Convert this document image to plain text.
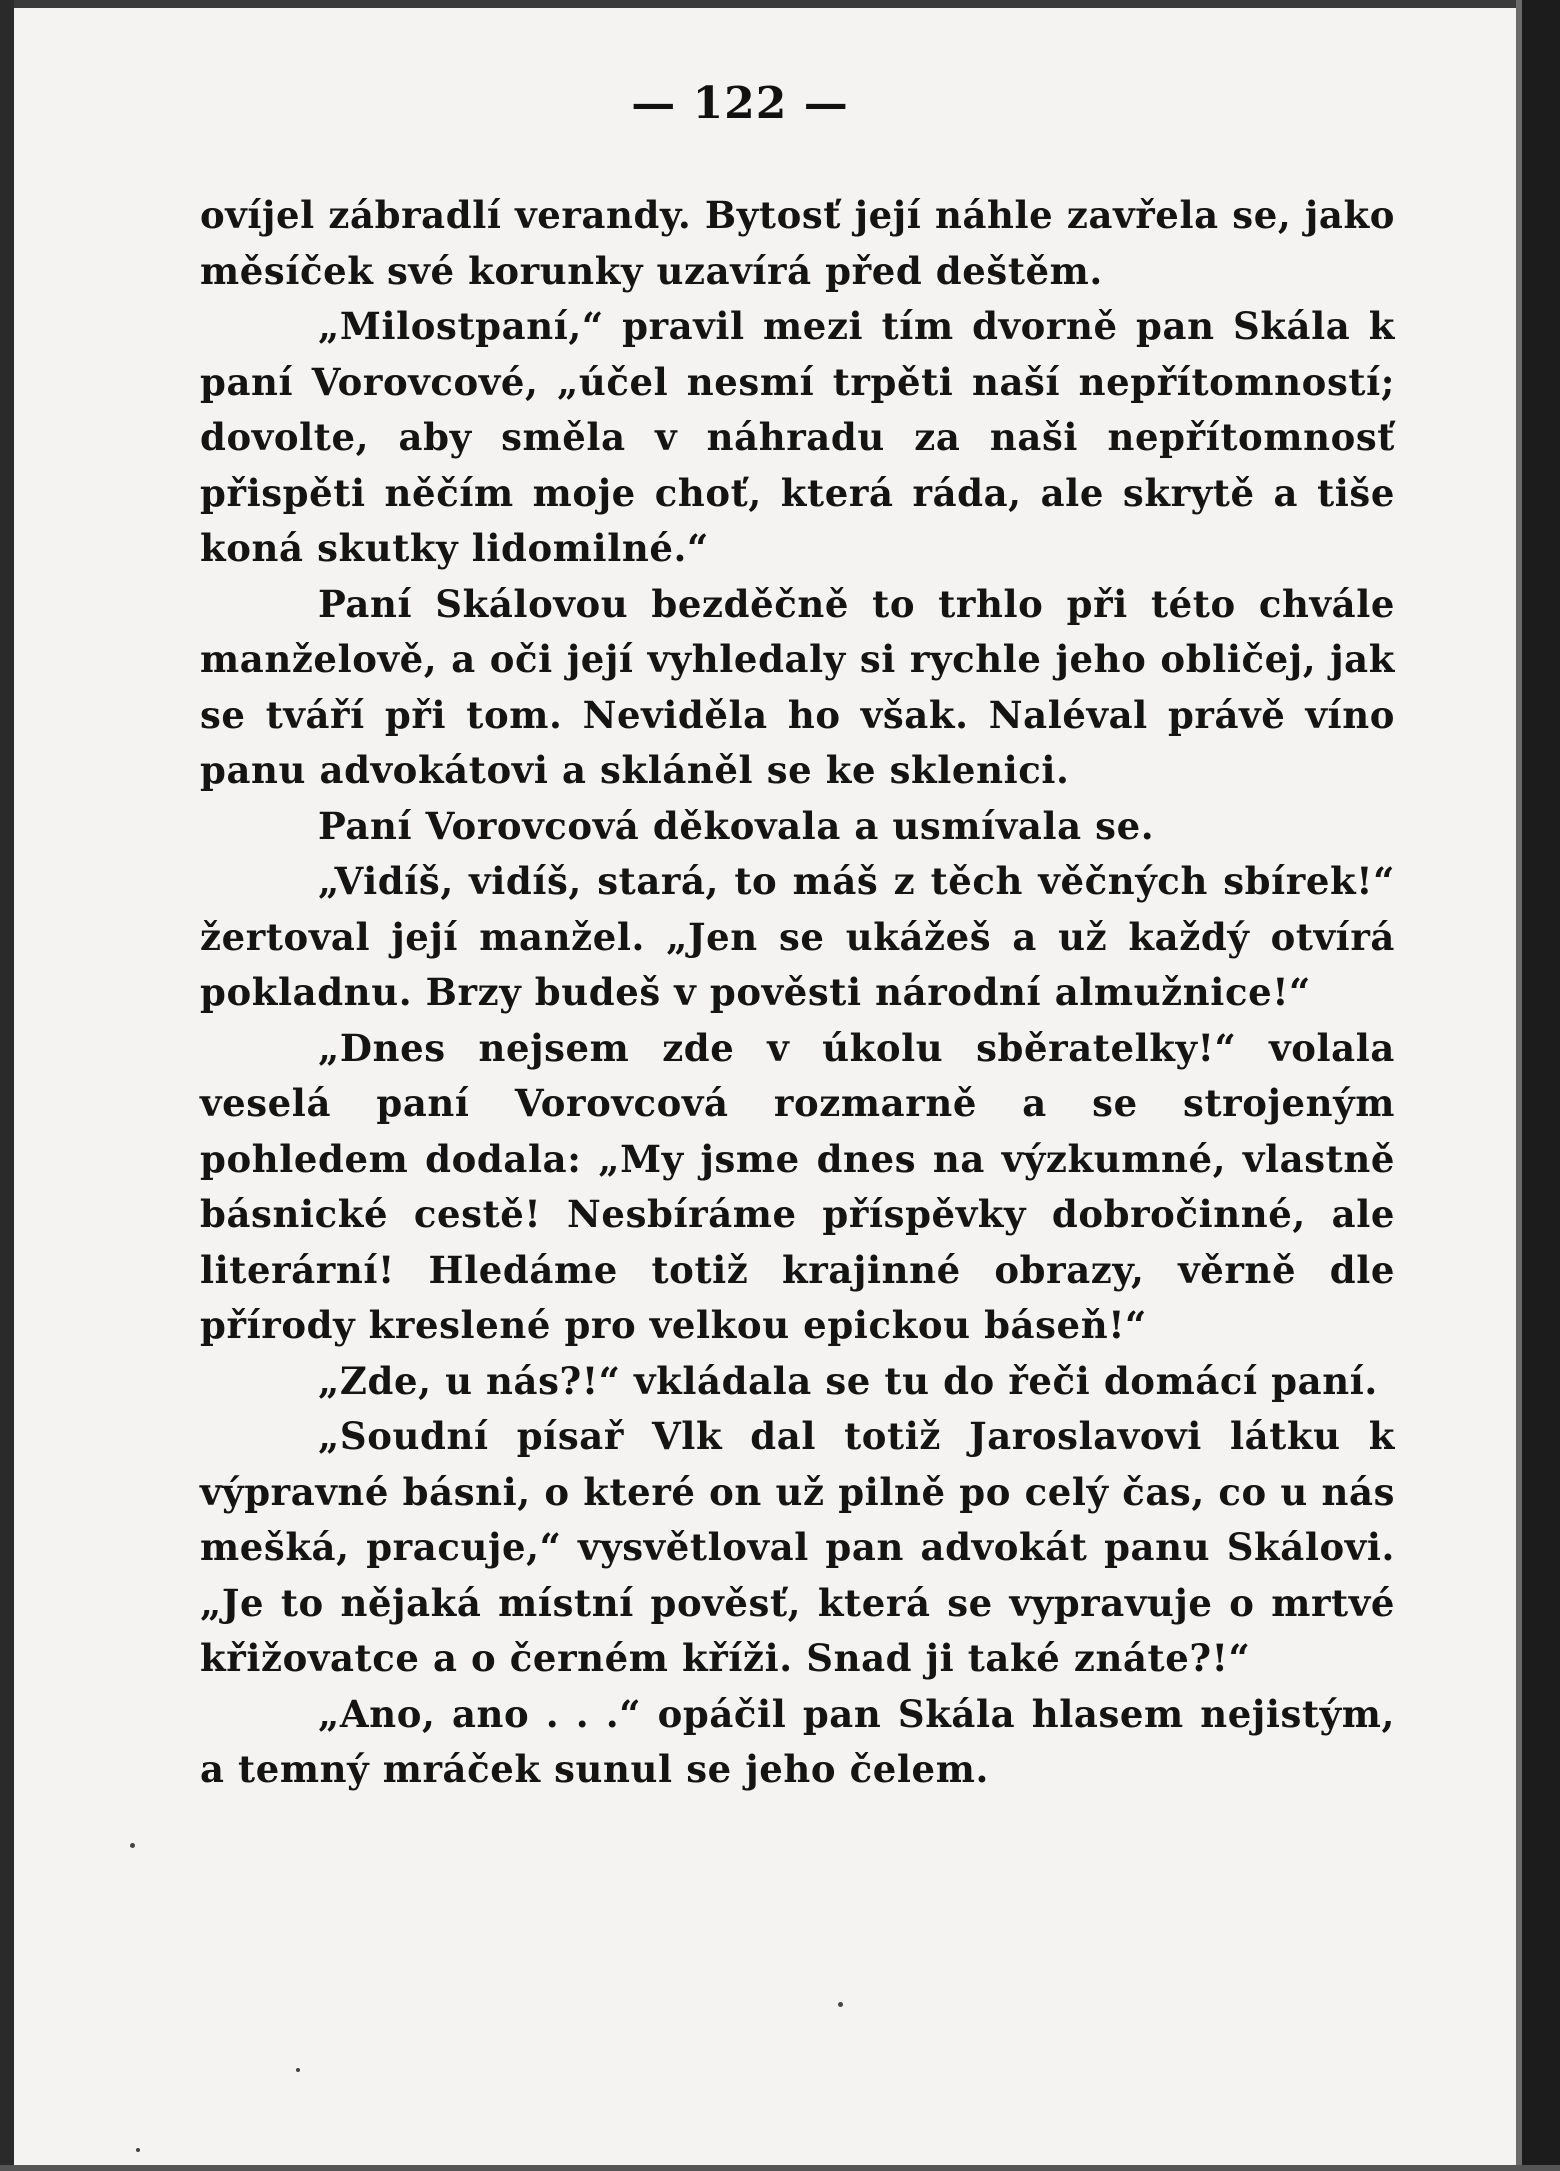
— 122 —

ovíjel zábradlí verandy. Bytosť její náhle zavřela se, jako měsíček své korunky uzavírá před deštěm.

„Milostpaní,“ pravil mezi tím dvorně pan Skála k paní Vorovcové, „účel nesmí trpěti naší nepřítomností; dovolte, aby směla v náhradu za naši nepřítomnosť přispěti něčím moje choť, která ráda, ale skrytě a tiše koná skutky lidomilné.“

Paní Skálovou bezděčně to trhlo při této chvále manželově, a oči její vyhledaly si rychle jeho obličej, jak se tváří při tom. Neviděla ho však. Naléval právě víno panu advokátovi a skláněl se ke sklenici.

Paní Vorovcová děkovala a usmívala se.

„Vidíš, vidíš, stará, to máš z těch věčných sbírek!“ žertoval její manžel. „Jen se ukážeš a už každý otvírá pokladnu. Brzy budeš v pověsti národní almužnice!“

„Dnes nejsem zde v úkolu sběratelky!“ volala veselá paní Vorovcová rozmarně a se strojeným pohledem dodala: „My jsme dnes na výzkumné, vlastně básnické cestě! Nesbíráme příspěvky dobročinné, ale literární! Hledáme totiž krajinné obrazy, věrně dle přírody kreslené pro velkou epickou báseň!“

„Zde, u nás?!“ vkládala se tu do řeči domácí paní.

„Soudní písař Vlk dal totiž Jaroslavovi látku k výpravné básni, o které on už pilně po celý čas, co u nás mešká, pracuje,“ vysvětloval pan advokát panu Skálovi. „Je to nějaká místní pověsť, která se vypravuje o mrtvé křižovatce a o černém kříži. Snad ji také znáte?!“

„Ano, ano . . .“ opáčil pan Skála hlasem nejistým, a temný mráček sunul se jeho čelem.
